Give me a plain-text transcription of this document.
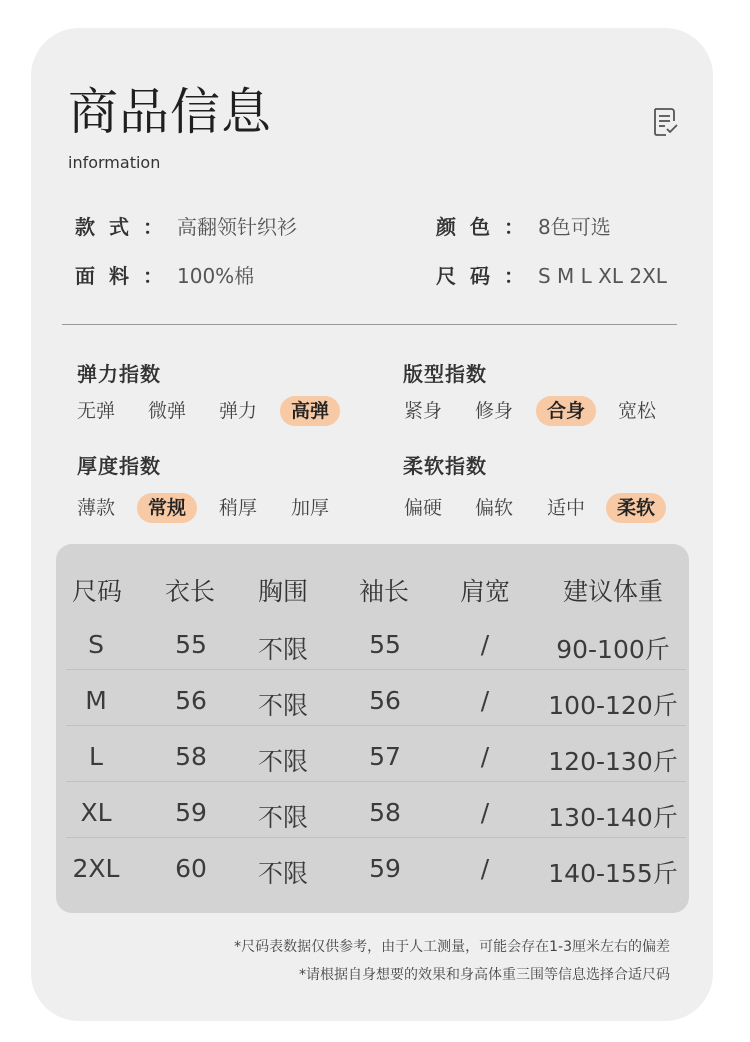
商品信息
information
款式：高翻领针织衫	颜色：8色可选
面料：100%棉	尺码：S M L XL 2XL
弹力指数
无弹	微弹	弹力	高弹
版型指数
紧身	修身	合身	宽松
厚度指数
薄款	常规	稍厚	加厚
柔软指数
偏硬	偏软	适中	柔软
尺码	衣长	胸围	袖长	肩宽	建议体重
S	55	不限	55	/	90-100斤
M	56	不限	56	/	100-120斤
L	58	不限	57	/	120-130斤
XL	59	不限	58	/	130-140斤
2XL	60	不限	59	/	140-155斤
*尺码表数据仅供参考，由于人工测量，可能会存在1-3厘米左右的偏差
*请根据自身想要的效果和身高体重三围等信息选择合适尺码
